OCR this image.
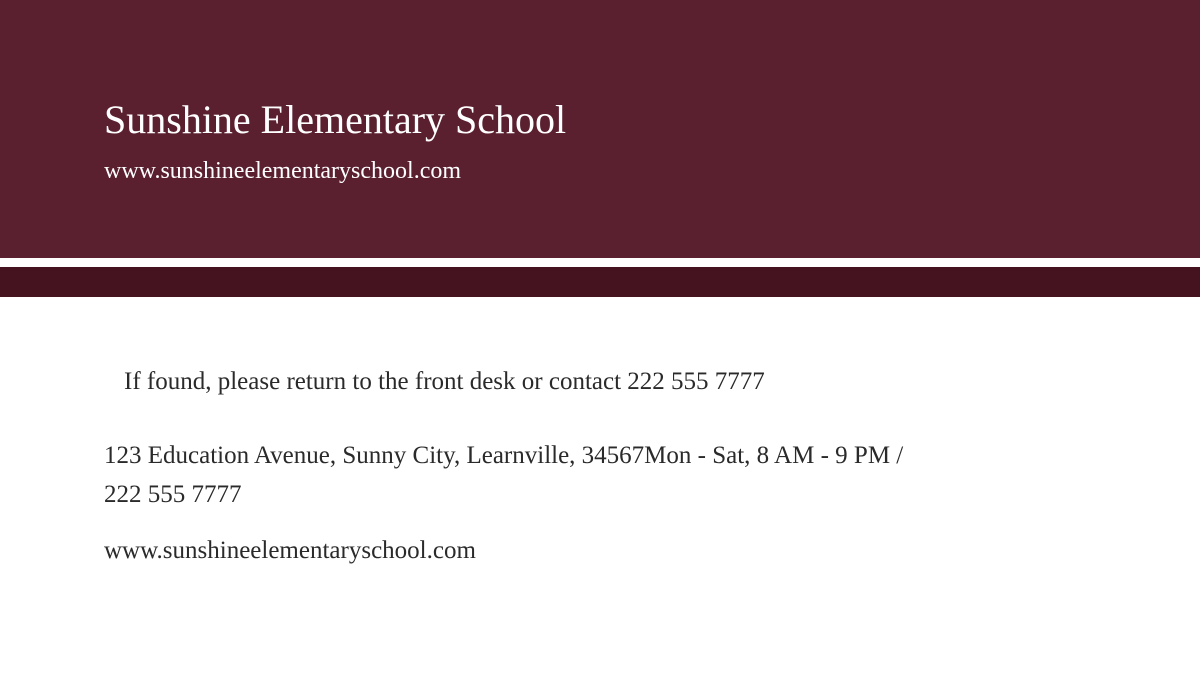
Sunshine Elementary School
www.sunshineelementaryschool.com
If found, please return to the front desk or contact 222 555 7777
123 Education Avenue, Sunny City, Learnville, 34567Mon - Sat, 8 AM - 9 PM / 222 555 7777
www.sunshineelementaryschool.com
